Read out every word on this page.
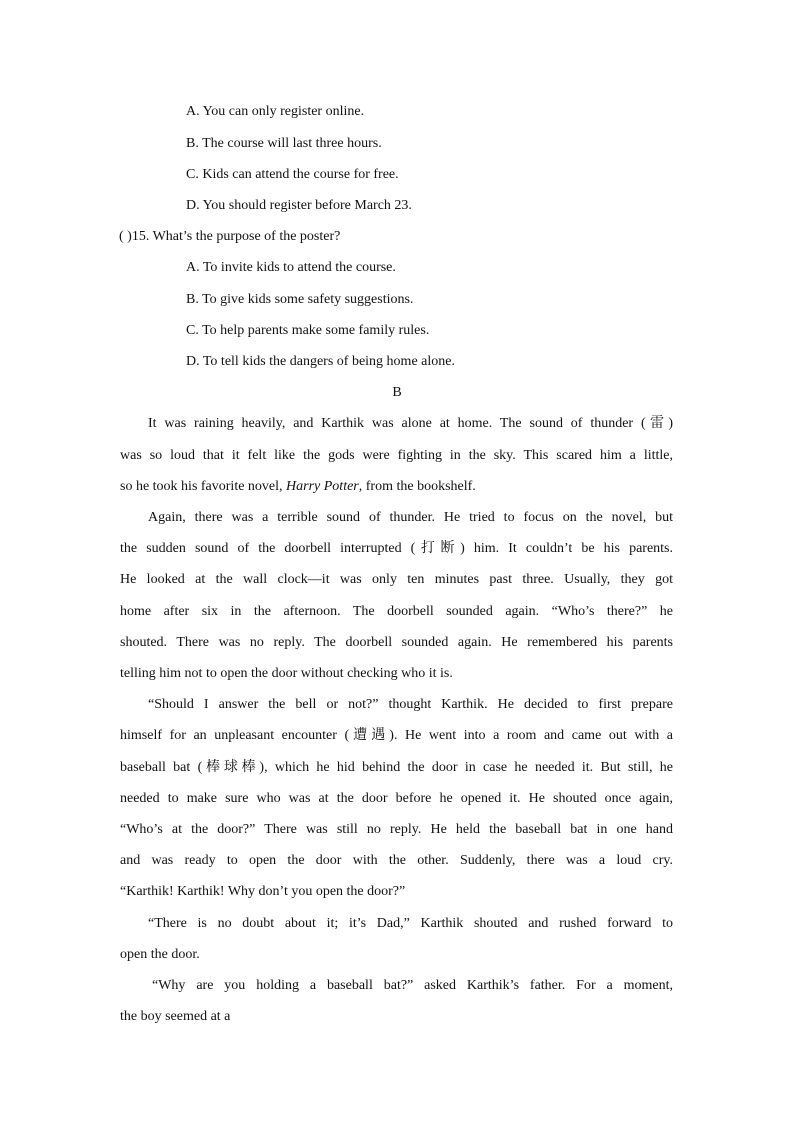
A. You can only register online.
B. The course will last three hours.
C. Kids can attend the course for free.
D. You should register before March 23.
( )15. What’s the purpose of the poster?
A. To invite kids to attend the course.
B. To give kids some safety suggestions.
C. To help parents make some family rules.
D. To tell kids the dangers of being home alone.
B
It was raining heavily, and Karthik was alone at home. The sound of thunder (雷)
was so loud that it felt like the gods were fighting in the sky. This scared him a little,
so he took his favorite novel, Harry Potter, from the bookshelf.
Again, there was a terrible sound of thunder. He tried to focus on the novel, but
the sudden sound of the doorbell interrupted (打断) him. It couldn’t be his parents.
He looked at the wall clock—it was only ten minutes past three. Usually, they got
home after six in the afternoon. The doorbell sounded again. “Who’s there?” he
shouted. There was no reply. The doorbell sounded again. He remembered his parents
telling him not to open the door without checking who it is.
“Should I answer the bell or not?” thought Karthik. He decided to first prepare
himself for an unpleasant encounter (遭遇). He went into a room and came out with a
baseball bat (棒球棒), which he hid behind the door in case he needed it. But still, he
needed to make sure who was at the door before he opened it. He shouted once again,
“Who’s at the door?” There was still no reply. He held the baseball bat in one hand
and was ready to open the door with the other. Suddenly, there was a loud cry.
“Karthik! Karthik! Why don’t you open the door?”
“There is no doubt about it; it’s Dad,” Karthik shouted and rushed forward to
open the door.
“Why are you holding a baseball bat?” asked Karthik’s father. For a moment,
the boy seemed at a
